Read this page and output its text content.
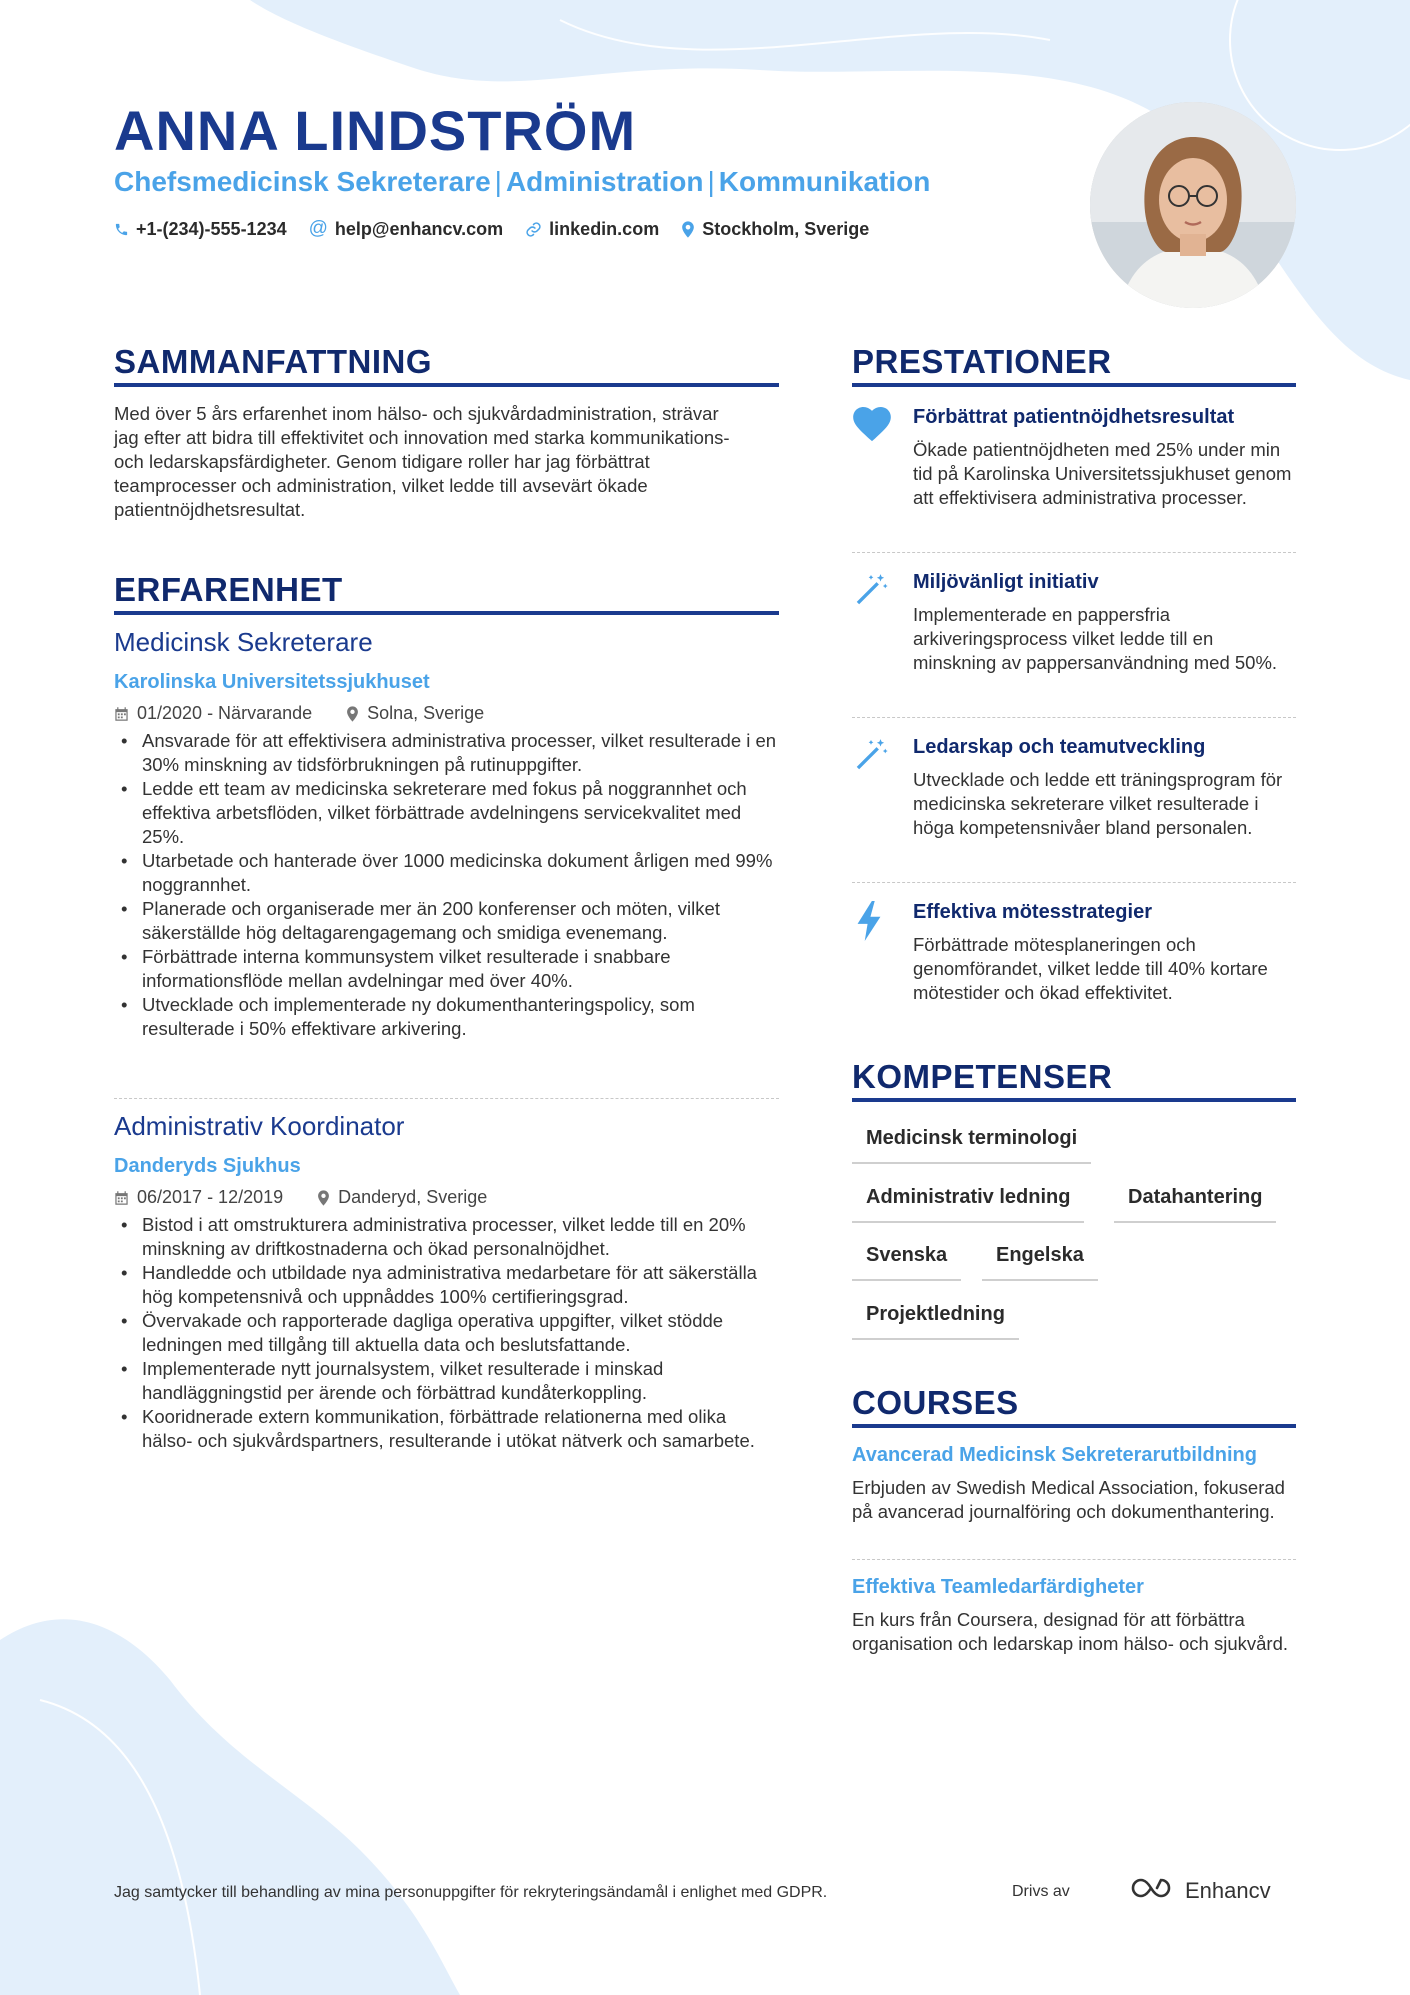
ANNA LINDSTRÖM
Chefsmedicinsk Sekreterare | Administration | Kommunikation
+1-(234)-555-1234 @ help@enhancv.com	linkedin.com Stockholm, Sverige
SAMMANFATTNING
Med över 5 års erfarenhet inom hälso- och sjukvårdadministration, strävar jag efter att bidra till effektivitet och innovation med starka kommunikations- och ledarskapsfärdigheter. Genom tidigare roller har jag förbättrat teamprocesser och administration, vilket ledde till avsevärt ökade patientnöjdhetsresultat.
ERFARENHET
Medicinsk Sekreterare
Karolinska Universitetssjukhuset
01/2020 - Närvarande	Solna, Sverige
• Ansvarade för att effektivisera administrativa processer, vilket resulterade i en 30% minskning av tidsförbrukningen på rutinuppgifter.
• Ledde ett team av medicinska sekreterare med fokus på noggrannhet och effektiva arbetsflöden, vilket förbättrade avdelningens servicekvalitet med 25%.
• Utarbetade och hanterade över 1000 medicinska dokument årligen med 99% noggrannhet.
• Planerade och organiserade mer än 200 konferenser och möten, vilket säkerställde hög deltagarengagemang och smidiga evenemang.
• Förbättrade interna kommunsystem vilket resulterade i snabbare informationsflöde mellan avdelningar med över 40%.
• Utvecklade och implementerade ny dokumenthanteringspolicy, som resulterade i 50% effektivare arkivering.
Administrativ Koordinator
Danderyds Sjukhus
06/2017 - 12/2019	Danderyd, Sverige
• Bistod i att omstrukturera administrativa processer, vilket ledde till en 20% minskning av driftkostnaderna och ökad personalnöjdhet.
• Handledde och utbildade nya administrativa medarbetare för att säkerställa hög kompetensnivå och uppnåddes 100% certifieringsgrad.
• Övervakade och rapporterade dagliga operativa uppgifter, vilket stödde ledningen med tillgång till aktuella data och beslutsfattande.
• Implementerade nytt journalsystem, vilket resulterade i minskad handläggningstid per ärende och förbättrad kundåterkoppling.
• Kooridnerade extern kommunikation, förbättrade relationerna med olika hälso- och sjukvårdspartners, resulterande i utökat nätverk och samarbete.
PRESTATIONER
Förbättrat patientnöjdhetsresultat
Ökade patientnöjdheten med 25% under min tid på Karolinska Universitetssjukhuset genom att effektivisera administrativa processer.
Miljövänligt initiativ
Implementerade en pappersfria arkiveringsprocess vilket ledde till en minskning av pappersanvändning med 50%.
Ledarskap och teamutveckling
Utvecklade och ledde ett träningsprogram för medicinska sekreterare vilket resulterade i höga kompetensnivåer bland personalen.
Effektiva mötesstrategier
Förbättrade mötesplaneringen och genomförandet, vilket ledde till 40% kortare mötestider och ökad effektivitet.
KOMPETENSER
Medicinsk terminologi
Administrativ ledning	Datahantering
Svenska	Engelska
Projektledning
COURSES
Avancerad Medicinsk Sekreterarutbildning
Erbjuden av Swedish Medical Association, fokuserad på avancerad journalföring och dokumenthantering.
Effektiva Teamledarfärdigheter
En kurs från Coursera, designad för att förbättra organisation och ledarskap inom hälso- och sjukvård.
Jag samtycker till behandling av mina personuppgifter för rekryteringsändamål i enlighet med GDPR.	Drivs av	Enhancv
